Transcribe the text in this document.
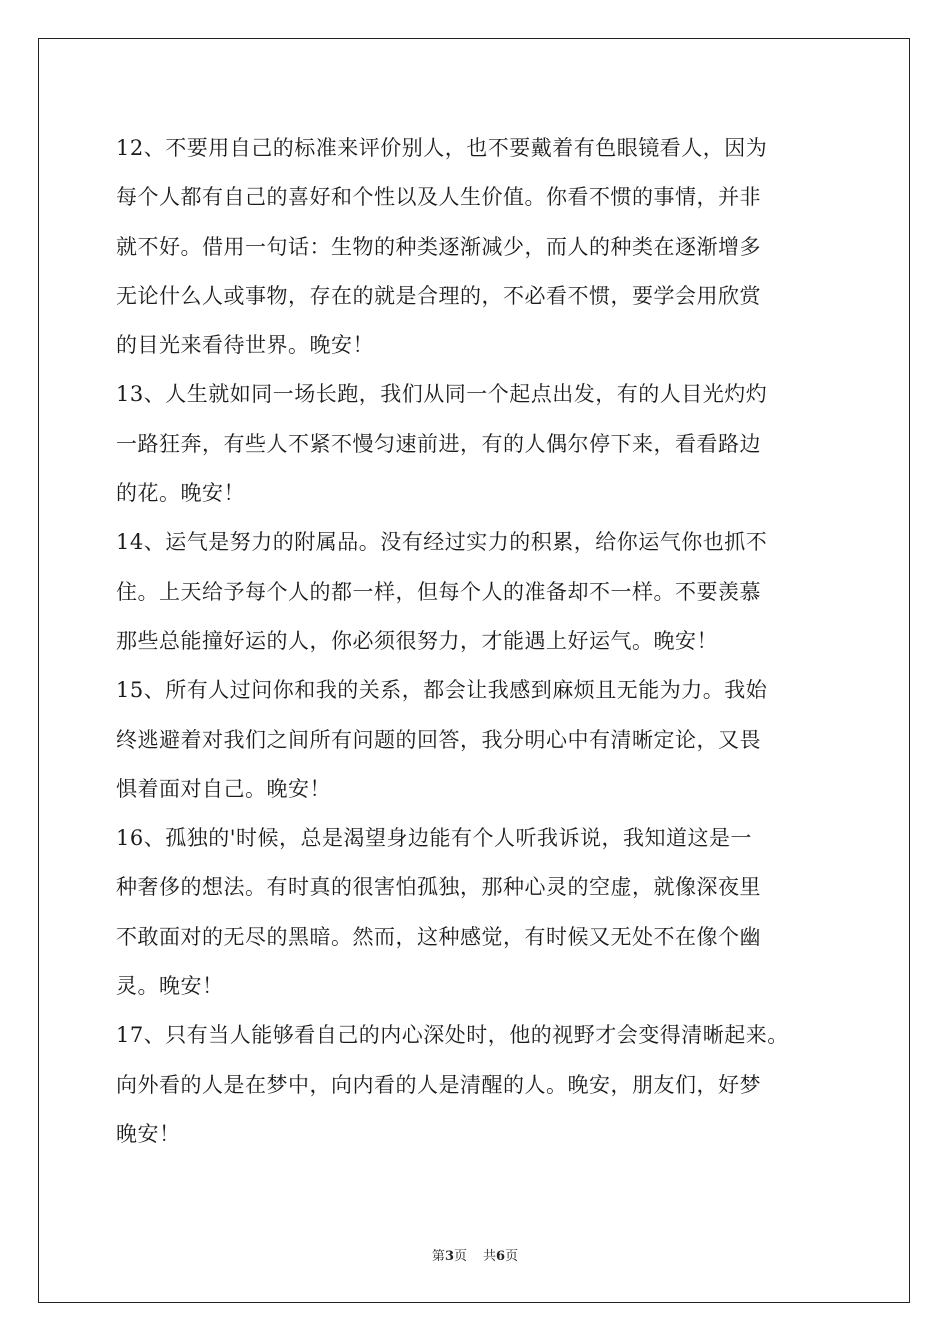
12、不要用自己的标准来评价别人，也不要戴着有色眼镜看人，因为
每个人都有自己的喜好和个性以及人生价值。你看不惯的事情，并非
就不好。借用一句话：生物的种类逐渐减少，而人的种类在逐渐增多
无论什么人或事物，存在的就是合理的，不必看不惯，要学会用欣赏
的目光来看待世界。晚安！
13、人生就如同一场长跑，我们从同一个起点出发，有的人目光灼灼
一路狂奔，有些人不紧不慢匀速前进，有的人偶尔停下来，看看路边
的花。晚安！
14、运气是努力的附属品。没有经过实力的积累，给你运气你也抓不
住。上天给予每个人的都一样，但每个人的准备却不一样。不要羡慕
那些总能撞好运的人，你必须很努力，才能遇上好运气。晚安！
15、所有人过问你和我的关系，都会让我感到麻烦且无能为力。我始
终逃避着对我们之间所有问题的回答，我分明心中有清晰定论，又畏
惧着面对自己。晚安！
16、孤独的'时候，总是渴望身边能有个人听我诉说，我知道这是一
种奢侈的想法。有时真的很害怕孤独，那种心灵的空虚，就像深夜里
不敢面对的无尽的黑暗。然而，这种感觉，有时候又无处不在像个幽
灵。晚安！
17、只有当人能够看自己的内心深处时，他的视野才会变得清晰起来。
向外看的人是在梦中，向内看的人是清醒的人。晚安，朋友们，好梦
晚安！
第3页 共6页
